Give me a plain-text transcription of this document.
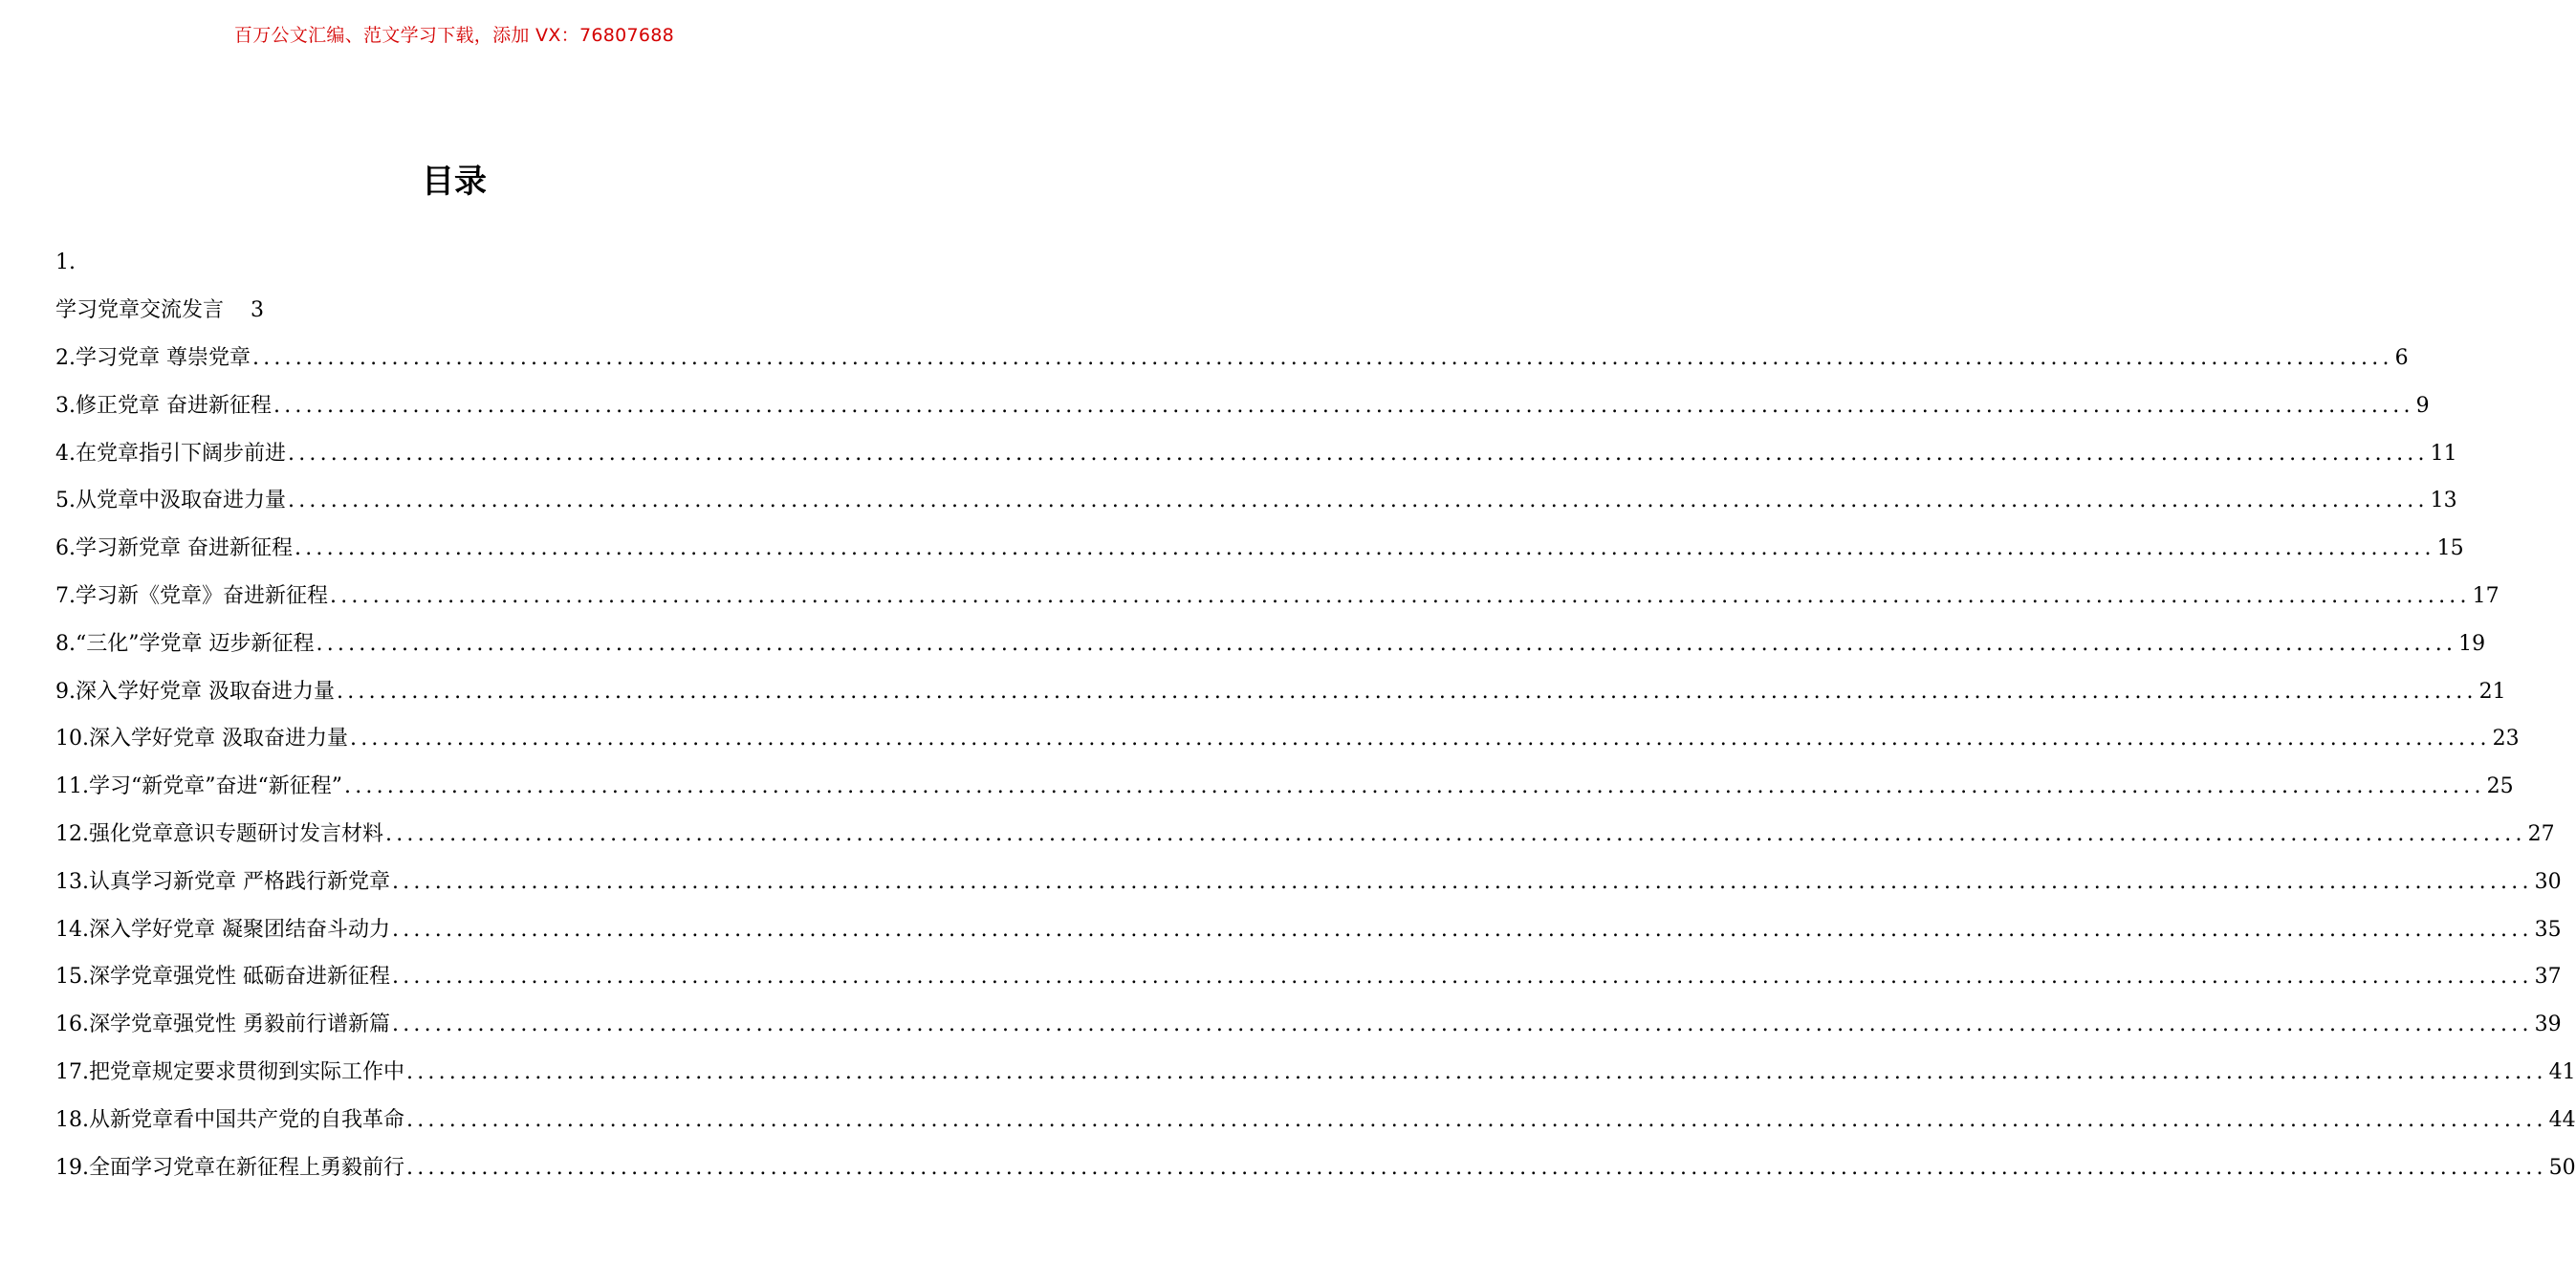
百万公文汇编、范文学习下载，添加 VX：76807688
目录
1.
学习党章交流发言 3
2.学习党章 尊崇党章 ........................................................................................................................................................................................................ 6
3.修正党章 奋进新征程 ........................................................................................................................................................................................................ 9
4.在党章指引下阔步前进 ........................................................................................................................................................................................................ 11
5.从党章中汲取奋进力量 ........................................................................................................................................................................................................ 13
6.学习新党章 奋进新征程 ........................................................................................................................................................................................................ 15
7.学习新《党章》奋进新征程 ........................................................................................................................................................................................................ 17
8.“三化”学党章 迈步新征程 ........................................................................................................................................................................................................ 19
9.深入学好党章 汲取奋进力量 ........................................................................................................................................................................................................ 21
10.深入学好党章 汲取奋进力量 ........................................................................................................................................................................................................ 23
11.学习“新党章”奋进“新征程” ........................................................................................................................................................................................................ 25
12.强化党章意识专题研讨发言材料 ........................................................................................................................................................................................................ 27
13.认真学习新党章 严格践行新党章 ........................................................................................................................................................................................................ 30
14.深入学好党章 凝聚团结奋斗动力 ........................................................................................................................................................................................................ 35
15.深学党章强党性 砥砺奋进新征程 ........................................................................................................................................................................................................ 37
16.深学党章强党性 勇毅前行谱新篇 ........................................................................................................................................................................................................ 39
17.把党章规定要求贯彻到实际工作中 ........................................................................................................................................................................................................ 41
18.从新党章看中国共产党的自我革命 ........................................................................................................................................................................................................ 44
19.全面学习党章在新征程上勇毅前行 ........................................................................................................................................................................................................ 50
